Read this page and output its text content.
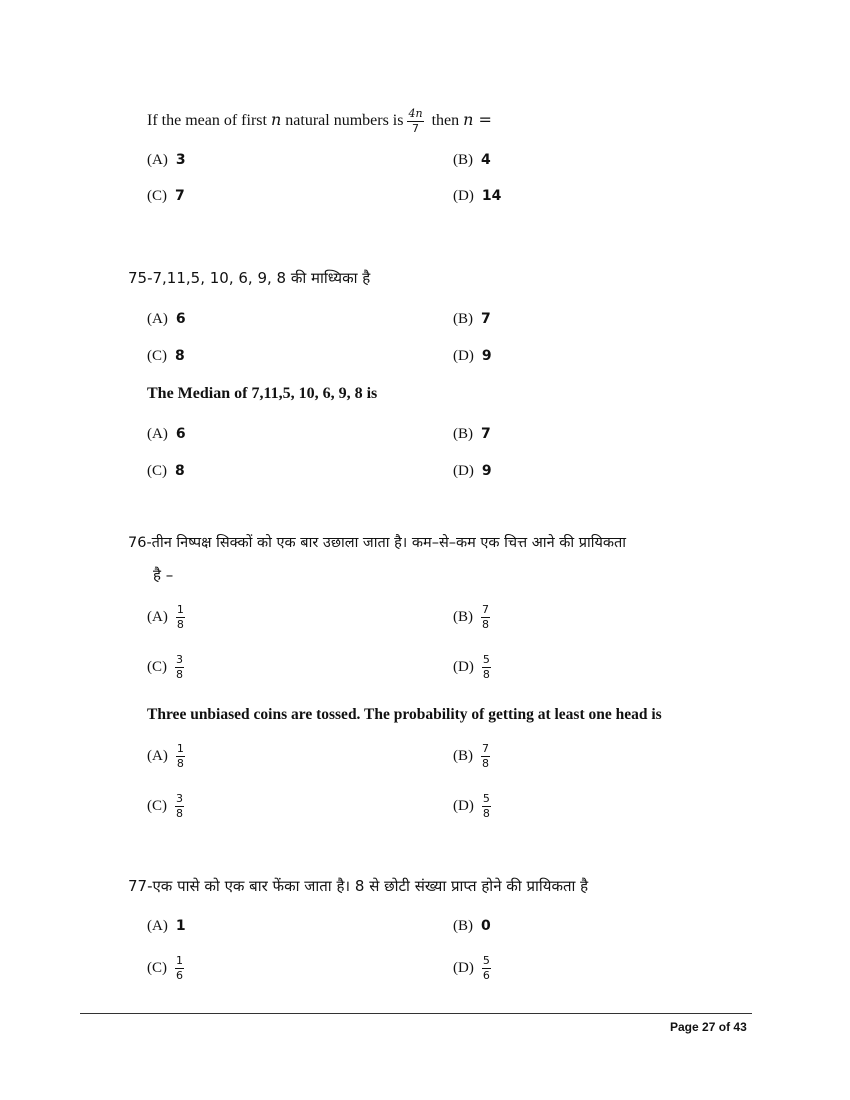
If the mean of first n natural numbers is $\frac{4n}{7}$ then n =
(A) 3	(B) 4
(C) 7	(D) 14
75-7,11,5, 10, 6, 9, 8 की माध्यिका है
(A) 6	(B) 7
(C) 8	(D) 9
The Median of 7,11,5, 10, 6, 9, 8 is
(A) 6	(B) 7
(C) 8	(D) 9
76-तीन निष्पक्ष सिक्कों को एक बार उछाला जाता है। कम–से–कम एक चित्त आने की प्रायिकता
है –
$(A) \frac{1}{8}$	$(B) \frac{7}{8}$
$(C) \frac{3}{8}$	$(D) \frac{5}{8}$
Three unbiased coins are tossed. The probability of getting at least one head is
$(A) \frac{1}{8}$	$(B) \frac{7}{8}$
$(C) \frac{3}{8}$	$(D) \frac{5}{8}$
77-एक पासे को एक बार फेंका जाता है। 8 से छोटी संख्या प्राप्त होने की प्रायिकता है
(A) 1	(B) 0
$(C) \frac{1}{6}$	$(D) \frac{5}{6}$
Page 27 of 43
